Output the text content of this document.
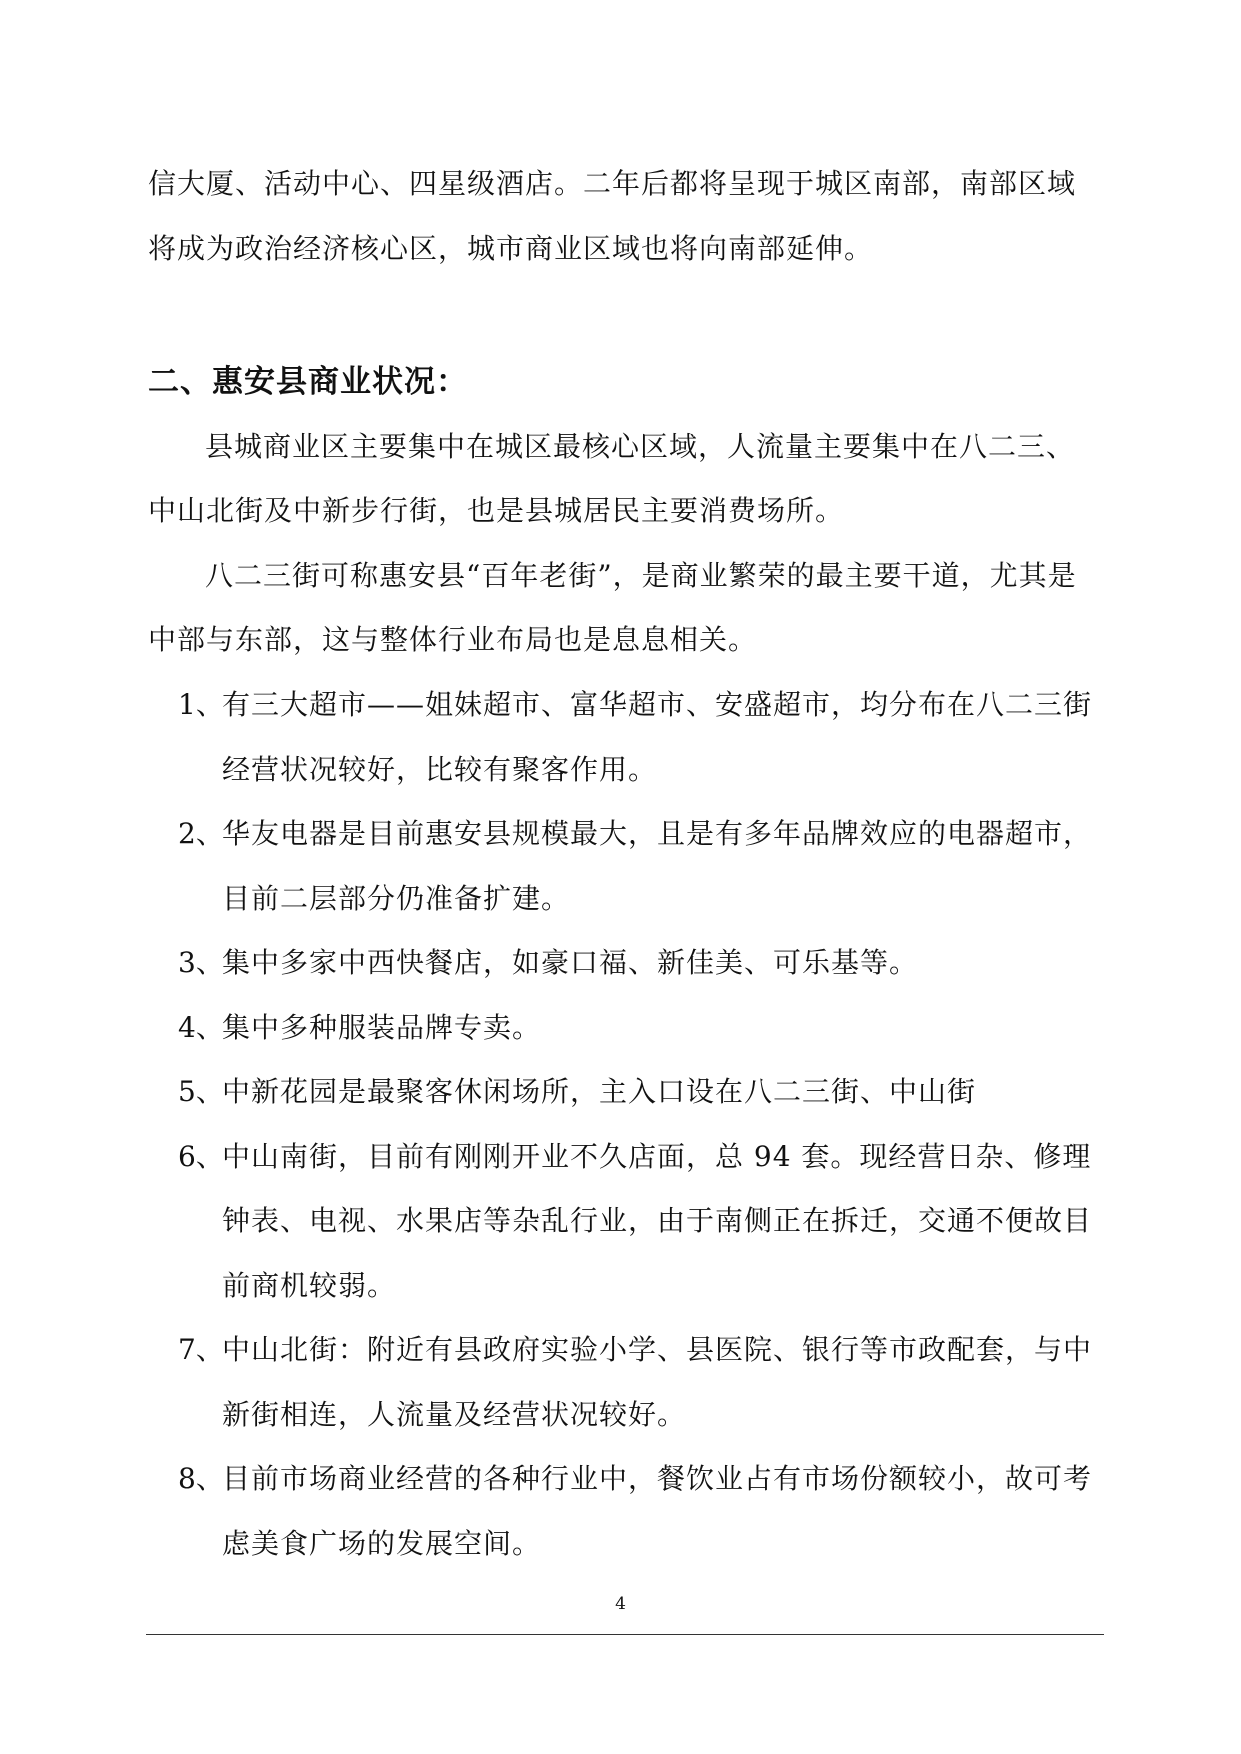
信大厦、活动中心、四星级酒店。二年后都将呈现于城区南部，南部区域
将成为政治经济核心区，城市商业区域也将向南部延伸。
二、惠安县商业状况：
县城商业区主要集中在城区最核心区域，人流量主要集中在八二三、
中山北街及中新步行街，也是县城居民主要消费场所。
八二三街可称惠安县“百年老街”，是商业繁荣的最主要干道，尤其是
中部与东部，这与整体行业布局也是息息相关。
1、
有三大超市——姐妹超市、富华超市、安盛超市，均分布在八二三街
经营状况较好，比较有聚客作用。
2、
华友电器是目前惠安县规模最大，且是有多年品牌效应的电器超市，
目前二层部分仍准备扩建。
3、
集中多家中西快餐店，如豪口福、新佳美、可乐基等。
4、
集中多种服装品牌专卖。
5、
中新花园是最聚客休闲场所，主入口设在八二三街、中山街
6、
中山南街，目前有刚刚开业不久店面，总 94 套。现经营日杂、修理
钟表、电视、水果店等杂乱行业，由于南侧正在拆迁，交通不便故目
前商机较弱。
7、
中山北街：附近有县政府实验小学、县医院、银行等市政配套，与中
新街相连，人流量及经营状况较好。
8、
目前市场商业经营的各种行业中，餐饮业占有市场份额较小，故可考
虑美食广场的发展空间。
4
